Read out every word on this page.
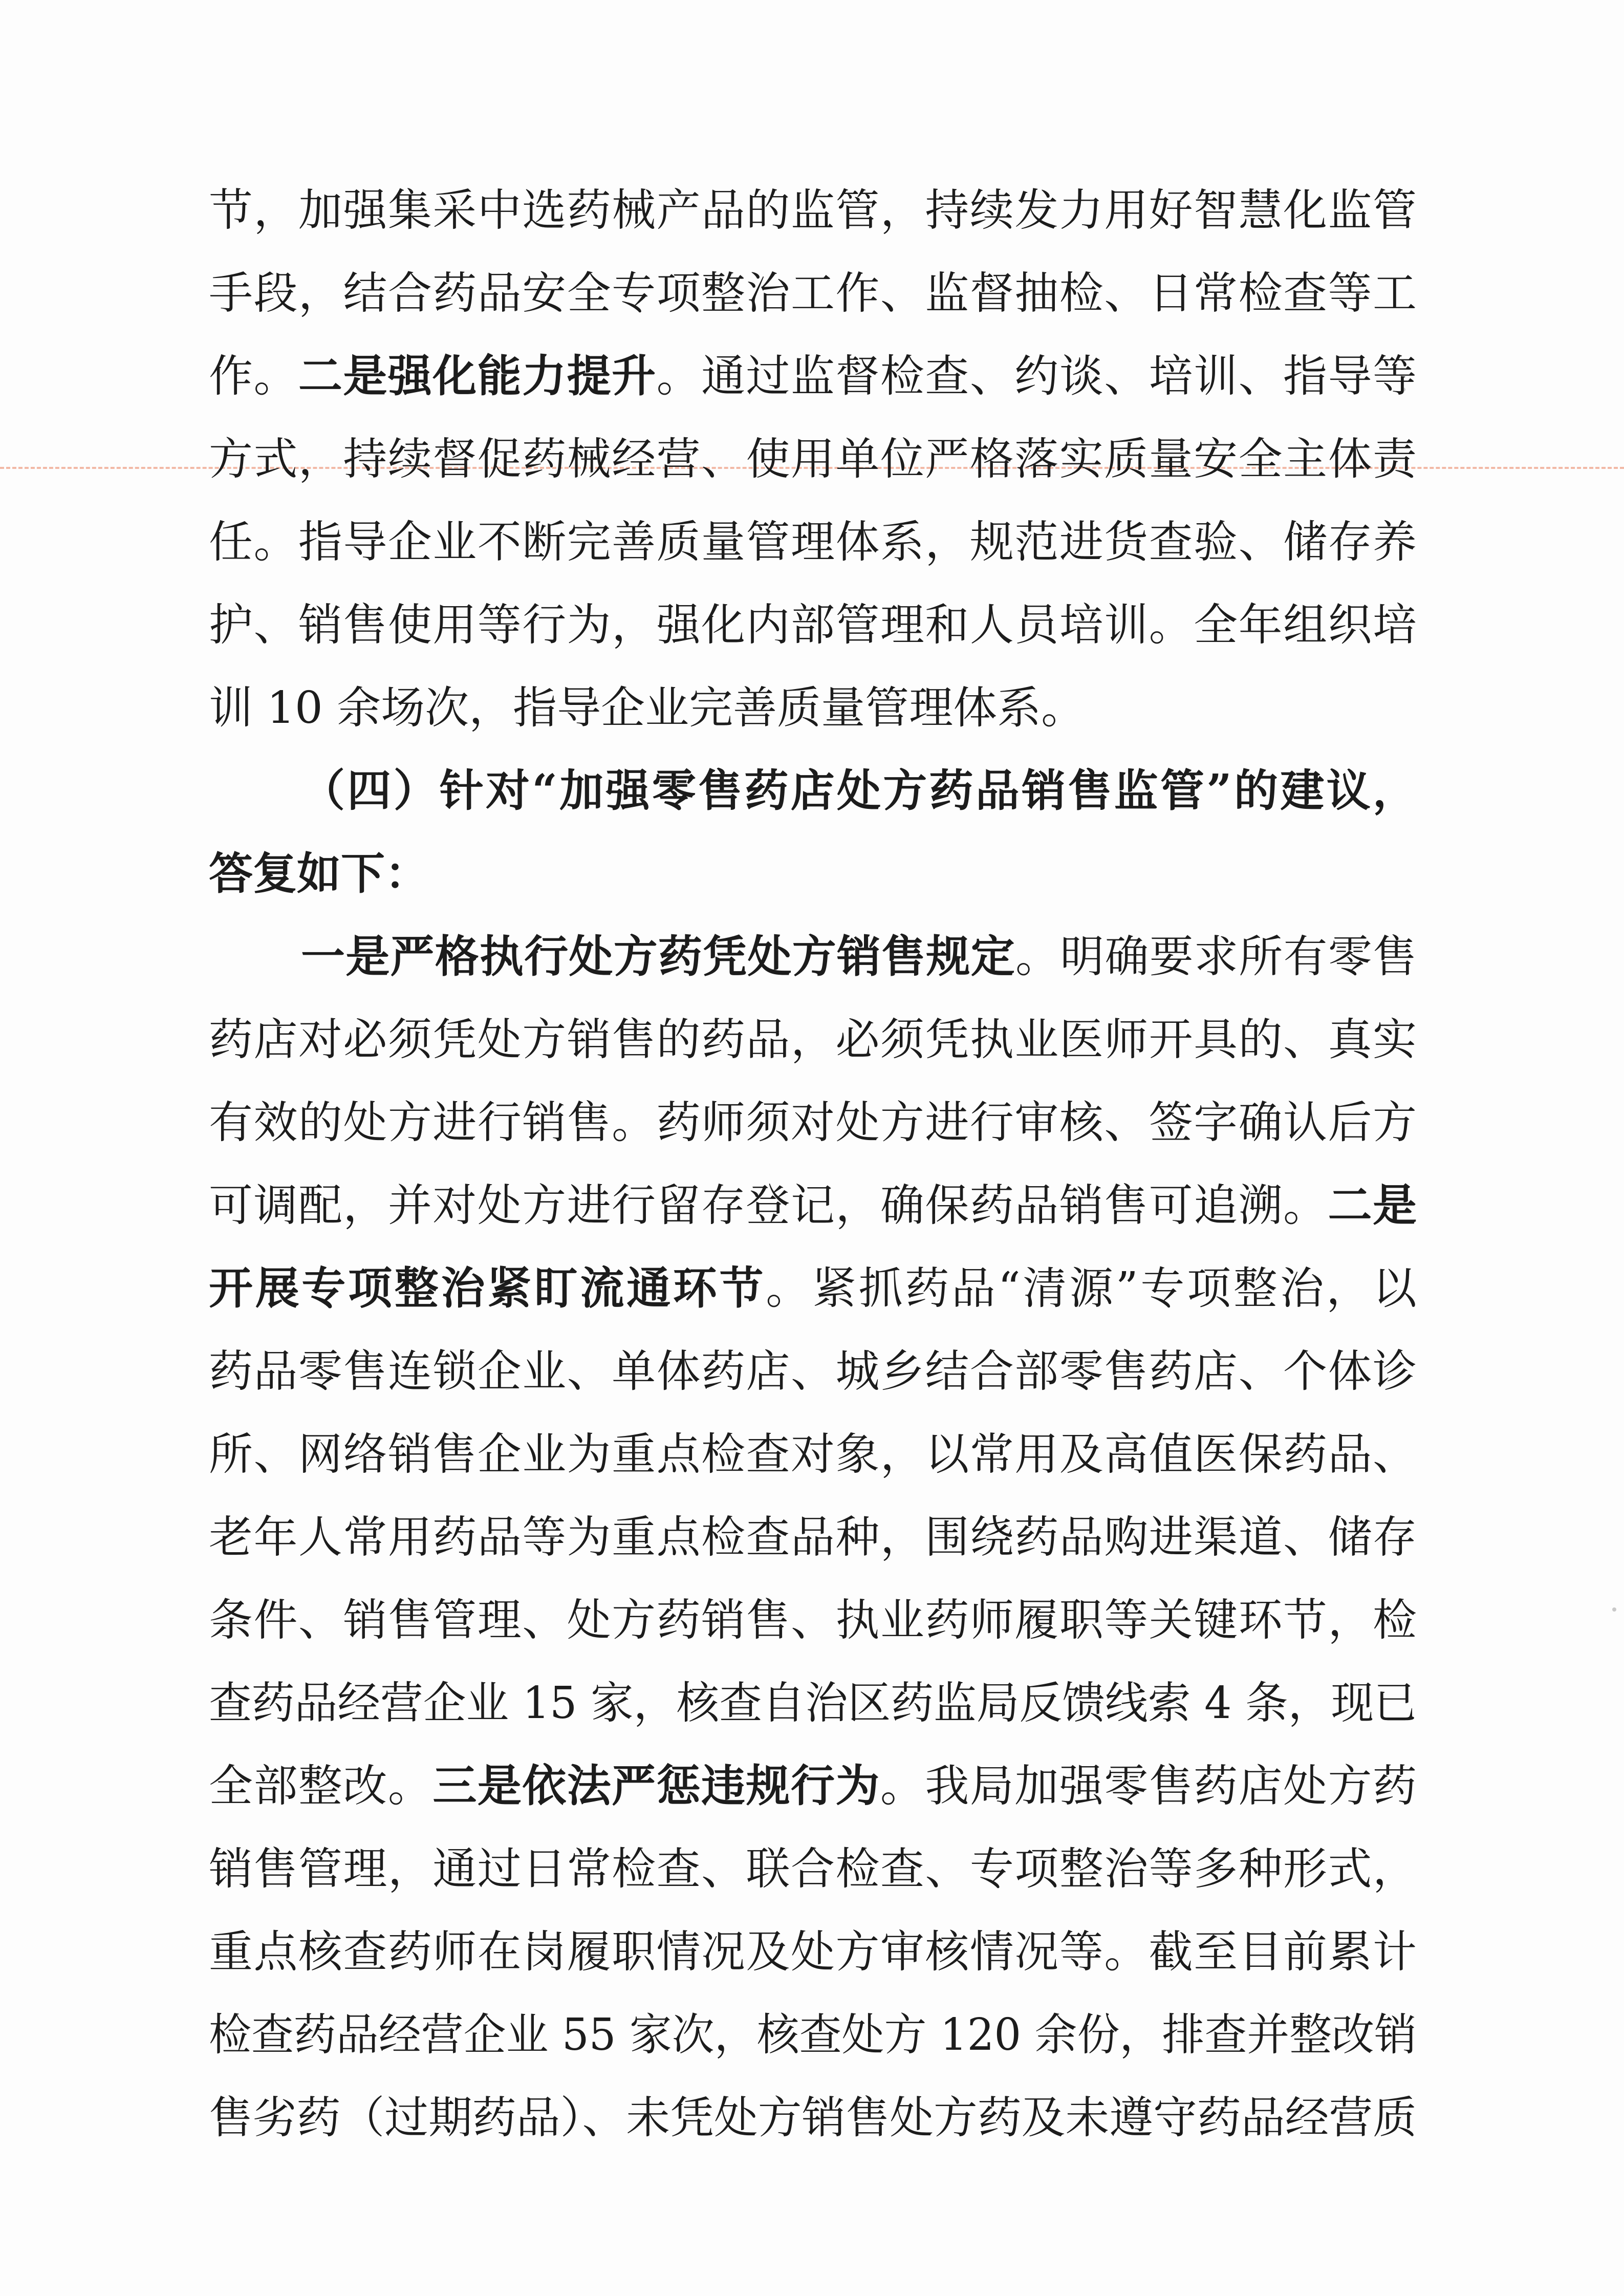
节，加强集采中选药械产品的监管，持续发力用好智慧化监管
手段，结合药品安全专项整治工作、监督抽检、日常检查等工
作。二是强化能力提升。通过监督检查、约谈、培训、指导等
方式，持续督促药械经营、使用单位严格落实质量安全主体责
任。指导企业不断完善质量管理体系，规范进货查验、储存养
护、销售使用等行为，强化内部管理和人员培训。全年组织培
训 10 余场次，指导企业完善质量管理体系。
（四）针对“加强零售药店处方药品销售监管”的建议，
答复如下：
一是严格执行处方药凭处方销售规定。明确要求所有零售
药店对必须凭处方销售的药品，必须凭执业医师开具的、真实
有效的处方进行销售。药师须对处方进行审核、签字确认后方
可调配，并对处方进行留存登记，确保药品销售可追溯。二是
开展专项整治紧盯流通环节。紧抓药品“清源”专项整治，以
药品零售连锁企业、单体药店、城乡结合部零售药店、个体诊
所、网络销售企业为重点检查对象，以常用及高值医保药品、
老年人常用药品等为重点检查品种，围绕药品购进渠道、储存
条件、销售管理、处方药销售、执业药师履职等关键环节，检
查药品经营企业 15 家，核查自治区药监局反馈线索 4 条，现已
全部整改。三是依法严惩违规行为。我局加强零售药店处方药
销售管理，通过日常检查、联合检查、专项整治等多种形式，
重点核查药师在岗履职情况及处方审核情况等。截至目前累计
检查药品经营企业 55 家次，核查处方 120 余份，排查并整改销
售劣药（过期药品）、未凭处方销售处方药及未遵守药品经营质
